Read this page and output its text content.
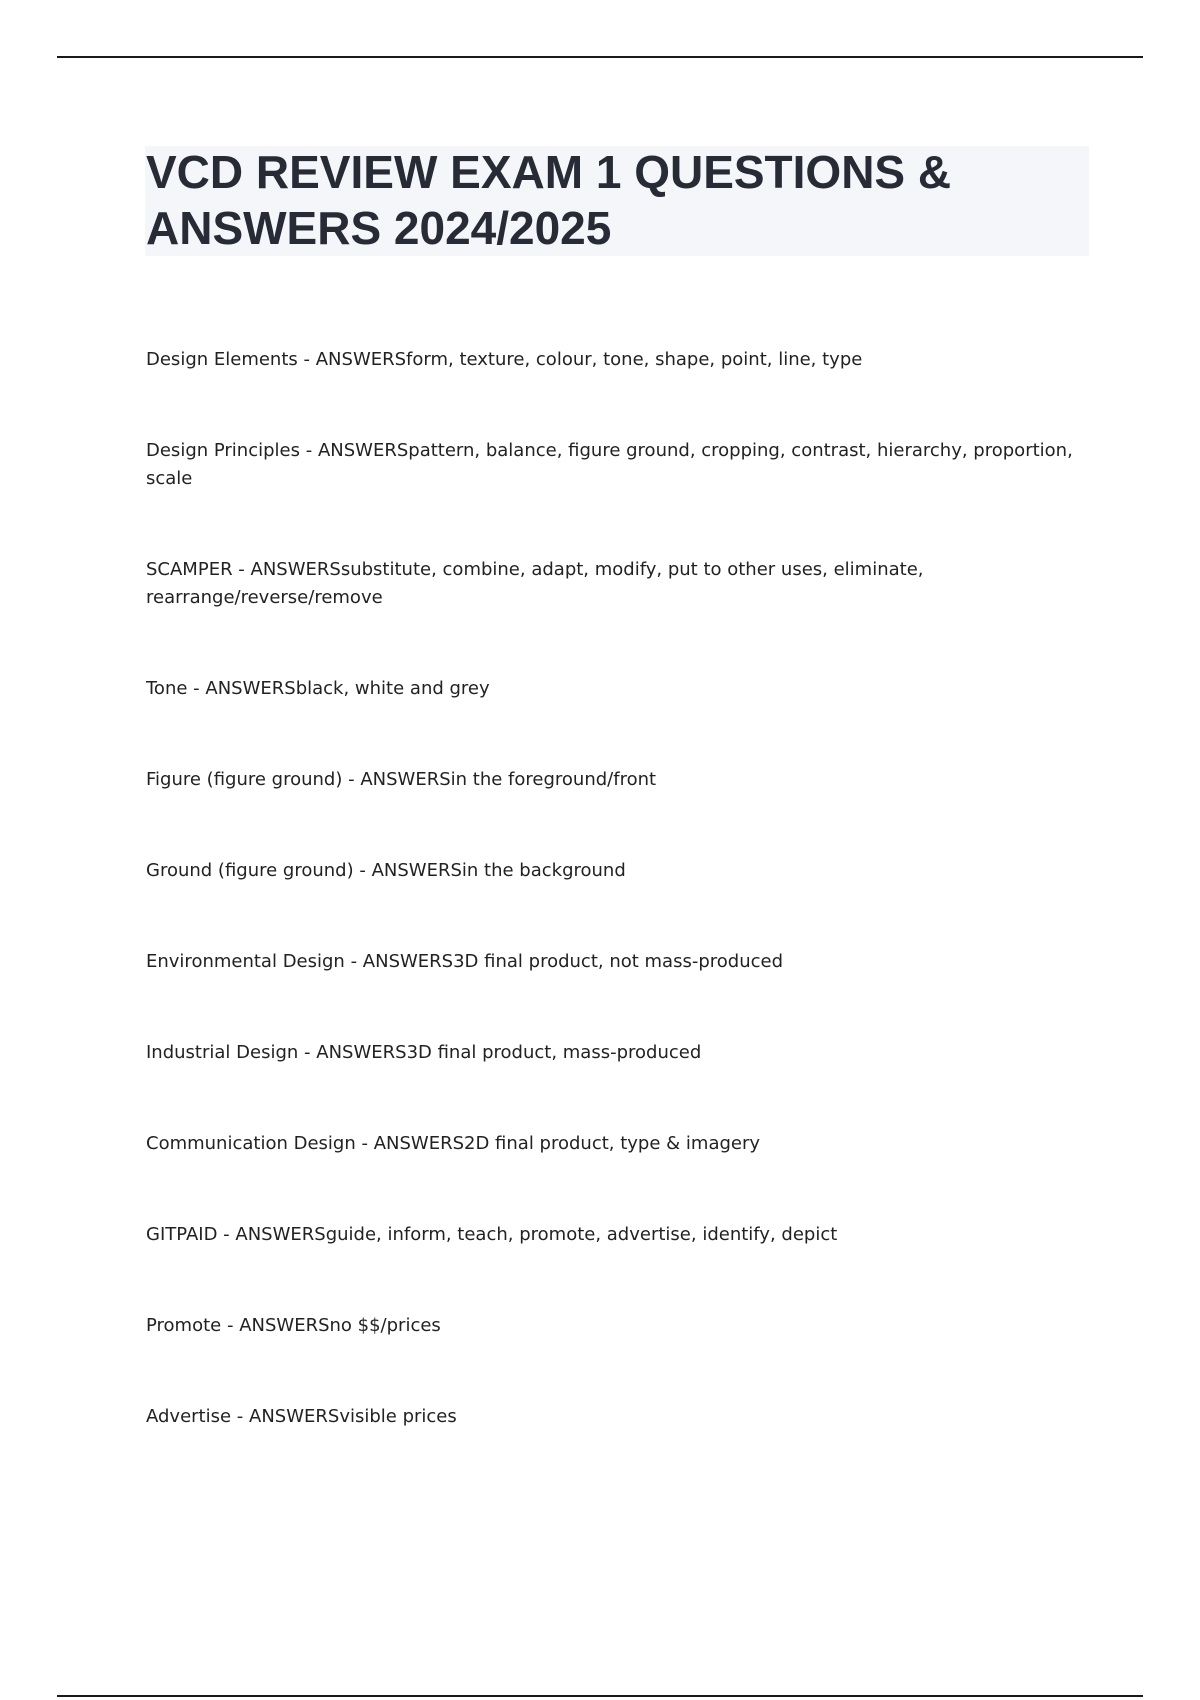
VCD REVIEW EXAM 1 QUESTIONS & ANSWERS 2024/2025
Design Elements - ANSWERSform, texture, colour, tone, shape, point, line, type
Design Principles - ANSWERSpattern, balance, figure ground, cropping, contrast, hierarchy, proportion, scale
SCAMPER - ANSWERSsubstitute, combine, adapt, modify, put to other uses, eliminate, rearrange/reverse/remove
Tone - ANSWERSblack, white and grey
Figure (figure ground) - ANSWERSin the foreground/front
Ground (figure ground) - ANSWERSin the background
Environmental Design - ANSWERS3D final product, not mass-produced
Industrial Design - ANSWERS3D final product, mass-produced
Communication Design - ANSWERS2D final product, type & imagery
GITPAID - ANSWERSguide, inform, teach, promote, advertise, identify, depict
Promote - ANSWERSno $$/prices
Advertise - ANSWERSvisible prices
